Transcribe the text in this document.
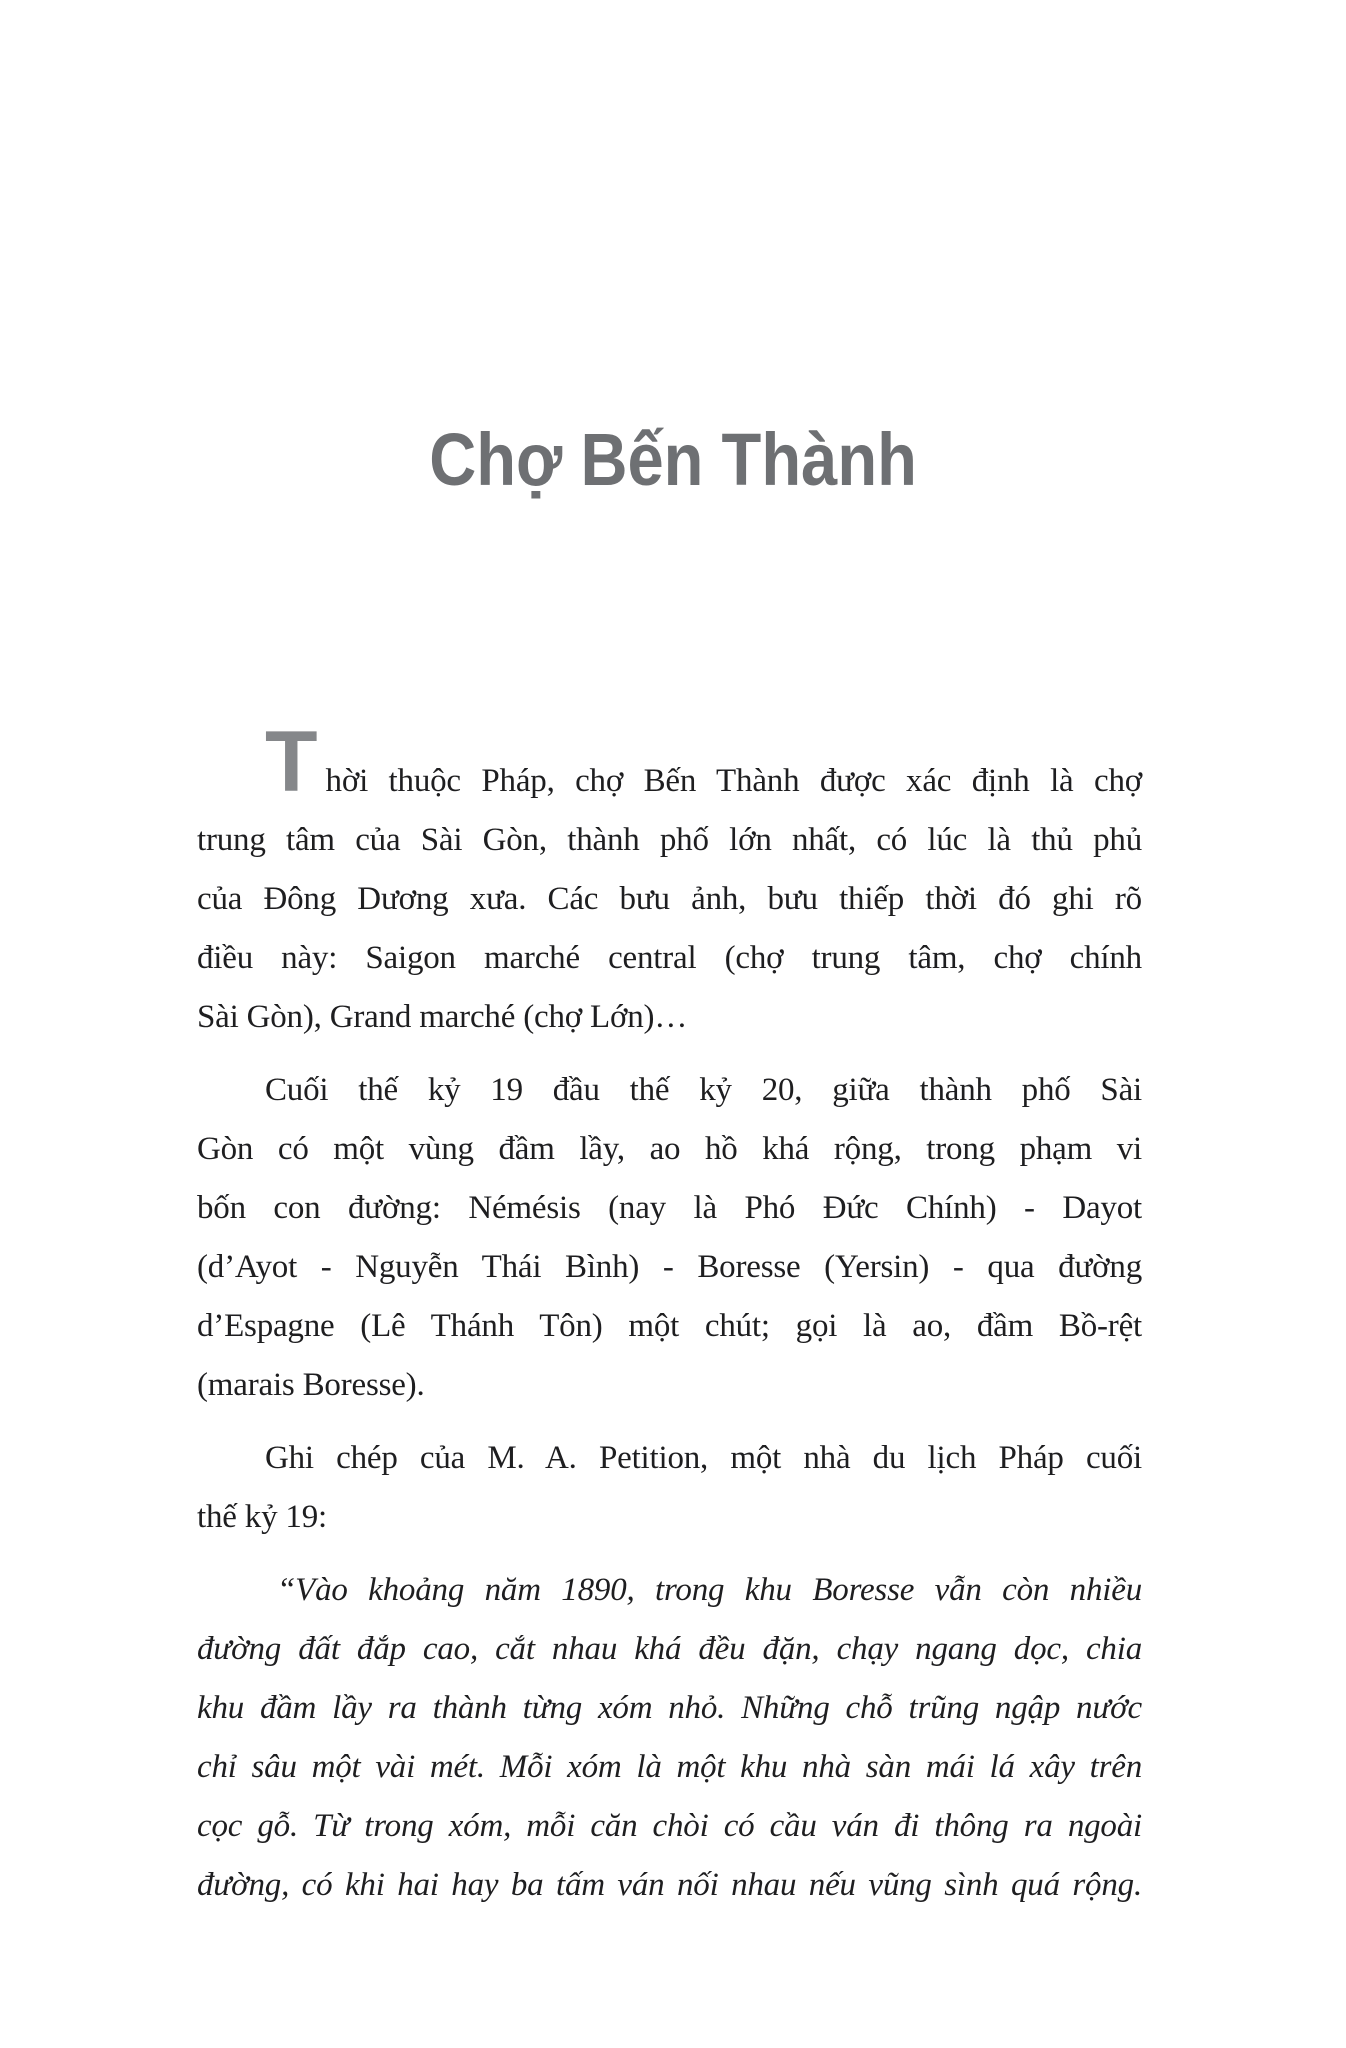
Chợ Bến Thành
Thời thuộc Pháp, chợ Bến Thành được xác định là chợ
trung tâm của Sài Gòn, thành phố lớn nhất, có lúc là thủ phủ
của Đông Dương xưa. Các bưu ảnh, bưu thiếp thời đó ghi rõ
điều này: Saigon marché central (chợ trung tâm, chợ chính
Sài Gòn), Grand marché (chợ Lớn)…
Cuối thế kỷ 19 đầu thế kỷ 20, giữa thành phố Sài
Gòn có một vùng đầm lầy, ao hồ khá rộng, trong phạm vi
bốn con đường: Némésis (nay là Phó Đức Chính) - Dayot
(d’Ayot - Nguyễn Thái Bình) - Boresse (Yersin) - qua đường
d’Espagne (Lê Thánh Tôn) một chút; gọi là ao, đầm Bồ-rệt
(marais Boresse).
Ghi chép của M. A. Petition, một nhà du lịch Pháp cuối
thế kỷ 19:
“Vào khoảng năm 1890, trong khu Boresse vẫn còn nhiều
đường đất đắp cao, cắt nhau khá đều đặn, chạy ngang dọc, chia
khu đầm lầy ra thành từng xóm nhỏ. Những chỗ trũng ngập nước
chỉ sâu một vài mét. Mỗi xóm là một khu nhà sàn mái lá xây trên
cọc gỗ. Từ trong xóm, mỗi căn chòi có cầu ván đi thông ra ngoài
đường, có khi hai hay ba tấm ván nối nhau nếu vũng sình quá rộng.
